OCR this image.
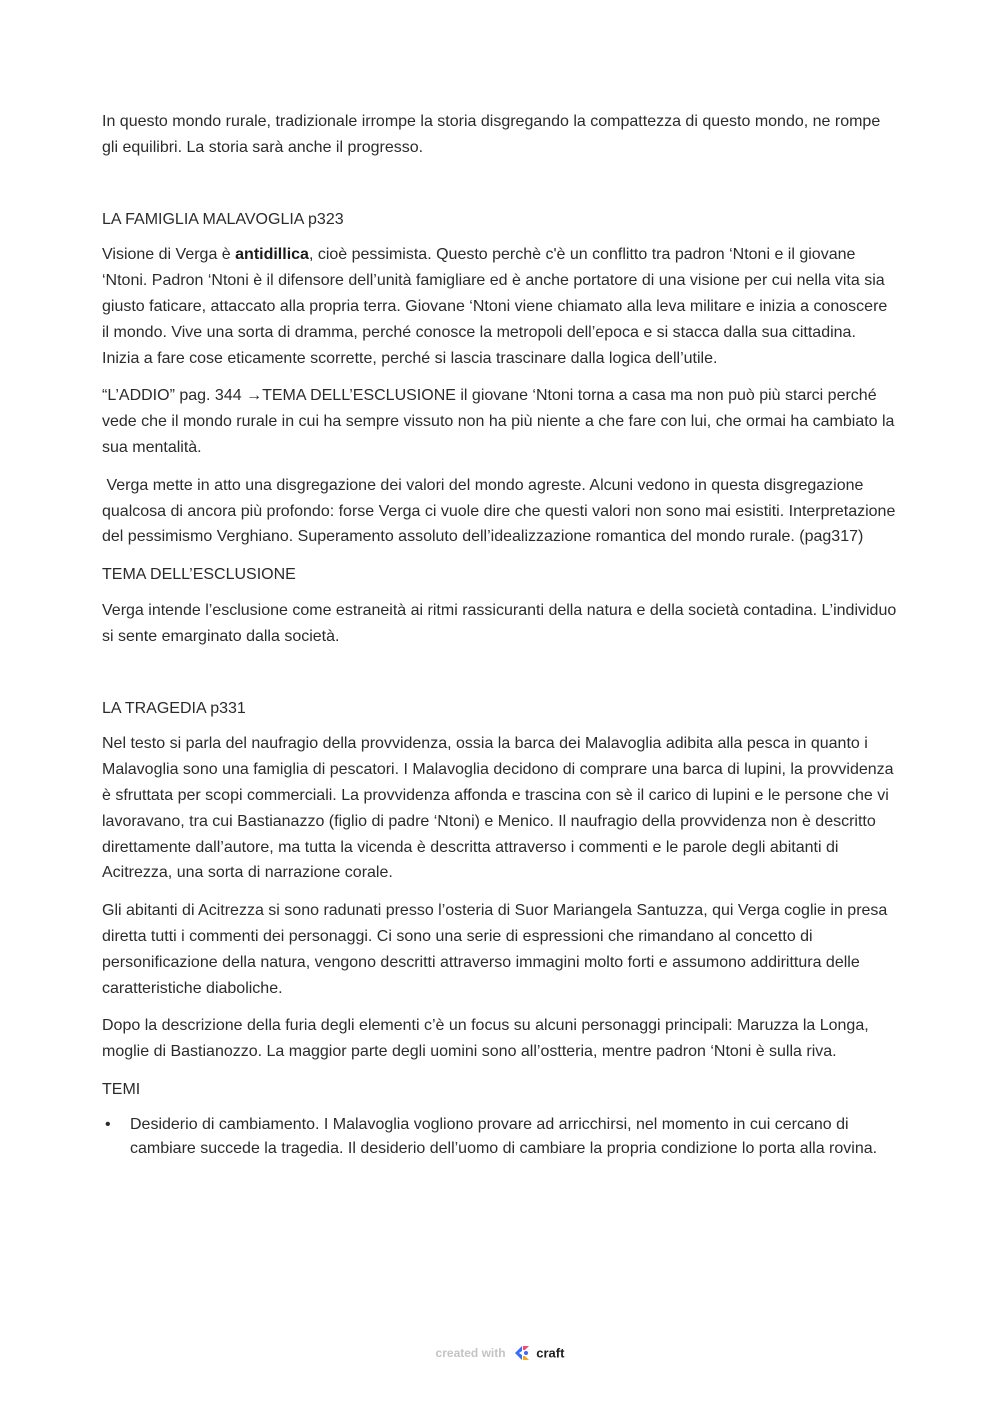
In questo mondo rurale, tradizionale irrompe la storia disgregando la compattezza di questo mondo, ne rompe gli equilibri. La storia sarà anche il progresso.

LA FAMIGLIA MALAVOGLIA p323

Visione di Verga è antidillica, cioè pessimista. Questo perchè c'è un conflitto tra padron ‘Ntoni e il giovane ‘Ntoni. Padron ‘Ntoni è il difensore dell’unità famigliare ed è anche portatore di una visione per cui nella vita sia giusto faticare, attaccato alla propria terra. Giovane ‘Ntoni viene chiamato alla leva militare e inizia a conoscere il mondo. Vive una sorta di dramma, perché conosce la metropoli dell’epoca e si stacca dalla sua cittadina. Inizia a fare cose eticamente scorrette, perché si lascia trascinare dalla logica dell’utile.

“L’ADDIO” pag. 344 →TEMA DELL’ESCLUSIONE il giovane ‘Ntoni torna a casa ma non può più starci perché vede che il mondo rurale in cui ha sempre vissuto non ha più niente a che fare con lui, che ormai ha cambiato la sua mentalità.

Verga mette in atto una disgregazione dei valori del mondo agreste. Alcuni vedono in questa disgregazione qualcosa di ancora più profondo: forse Verga ci vuole dire che questi valori non sono mai esistiti. Interpretazione del pessimismo Verghiano. Superamento assoluto dell’idealizzazione romantica del mondo rurale. (pag317)

TEMA DELL’ESCLUSIONE

Verga intende l’esclusione come estraneità ai ritmi rassicuranti della natura e della società contadina. L’individuo si sente emarginato dalla società.

LA TRAGEDIA p331

Nel testo si parla del naufragio della provvidenza, ossia la barca dei Malavoglia adibita alla pesca in quanto i Malavoglia sono una famiglia di pescatori. I Malavoglia decidono di comprare una barca di lupini, la provvidenza è sfruttata per scopi commerciali. La provvidenza affonda e trascina con sè il carico di lupini e le persone che vi lavoravano, tra cui Bastianazzo (figlio di padre ‘Ntoni) e Menico. Il naufragio della provvidenza non è descritto direttamente dall’autore, ma tutta la vicenda è descritta attraverso i commenti e le parole degli abitanti di Acitrezza, una sorta di narrazione corale.

Gli abitanti di Acitrezza si sono radunati presso l’osteria di Suor Mariangela Santuzza, qui Verga coglie in presa diretta tutti i commenti dei personaggi. Ci sono una serie di espressioni che rimandano al concetto di personificazione della natura, vengono descritti attraverso immagini molto forti e assumono addirittura delle caratteristiche diaboliche.

Dopo la descrizione della furia degli elementi c’è un focus su alcuni personaggi principali: Maruzza la Longa, moglie di Bastianozzo. La maggior parte degli uomini sono all’ostteria, mentre padron ‘Ntoni è sulla riva.

TEMI
• Desiderio di cambiamento. I Malavoglia vogliono provare ad arricchirsi, nel momento in cui cercano di cambiare succede la tragedia. Il desiderio dell’uomo di cambiare la propria condizione lo porta alla rovina.
created with craft
